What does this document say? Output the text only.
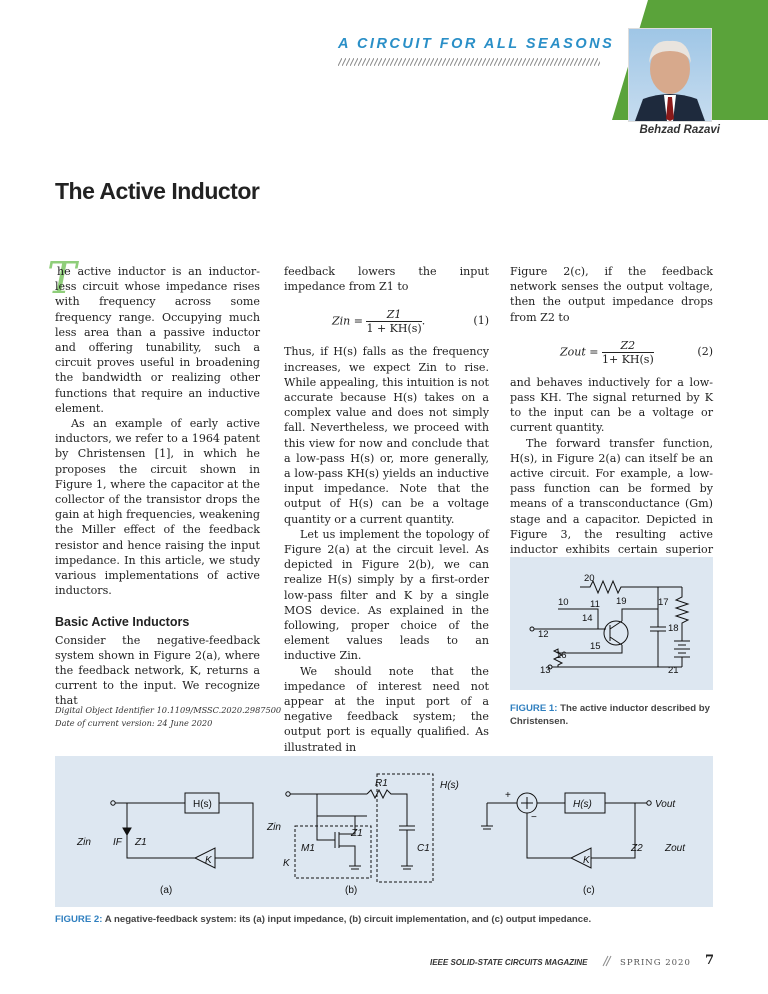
A CIRCUIT FOR ALL SEASONS
Behzad Razavi
The Active Inductor
T

he active inductor is an inductor-less circuit whose impedance rises with frequency across some frequency range. Occupying much less area than a passive inductor and offering tunability, such a circuit proves useful in broadening the bandwidth or realizing other functions that require an inductive element.

As an example of early active inductors, we refer to a 1964 patent by Christensen [1], in which he proposes the circuit shown in Figure 1, where the capacitor at the collector of the transistor drops the gain at high frequencies, weakening the Miller effect of the feedback resistor and hence raising the input impedance. In this article, we study various implementations of active inductors.

Basic Active Inductors

Consider the negative-feedback system shown in Figure 2(a), where the feedback network, K, returns a current to the input. We recognize that

Digital Object Identifier 10.1109/MSSC.2020.2987500
Date of current version: 24 June 2020

feedback lowers the input impedance from Z1 to

Zin = $\frac{Z1}{1 + KH(s)}$ .	(1)

Thus, if H(s) falls as the frequency increases, we expect Zin to rise. While appealing, this intuition is not accurate because H(s) takes on a complex value and does not simply fall. Nevertheless, we proceed with this view for now and conclude that a low-pass H(s) or, more generally, a low-pass KH(s) yields an inductive input impedance. Note that the output of H(s) can be a voltage quantity or a current quantity.

Let us implement the topology of Figure 2(a) at the circuit level. As depicted in Figure 2(b), we can realize H(s) simply by a first-order low-pass filter and K by a single MOS device. As explained in the following, proper choice of the element values leads to an inductive Zin.

We should note that the impedance of interest need not appear at the input port of a negative feedback system; the output port is equally qualified. As illustrated in

Figure 2(c), if the feedback network senses the output voltage, then the output impedance drops from Z2 to

Zout = $\frac{Z2}{1+ KH(s)}$	(2)

and behaves inductively for a low-pass KH. The signal returned by K to the input can be a voltage or current quantity.

The forward transfer function, H(s), in Figure 2(a) can itself be an active circuit. For example, a low-pass function can be formed by means of a transconductance (Gm) stage and a capacitor. Depicted in Figure 3, the resulting active inductor exhibits certain superior

20
10 11 19	17
14
18
12
16
15
13	21
FIGURE 1: The active inductor described by Christensen.
H(s)
K
Zin IF Z1
(a)
R1	H(s)
Zin
Z1
M1	C1
K
(b)
+
−
H(s)	Vout
K
Z2 Zout
(c)
FIGURE 2: A negative-feedback system: its (a) input impedance, (b) circuit implementation, and (c) output impedance.
IEEE SOLID-STATE CIRCUITS MAGAZINE	SPRING 2020 7
